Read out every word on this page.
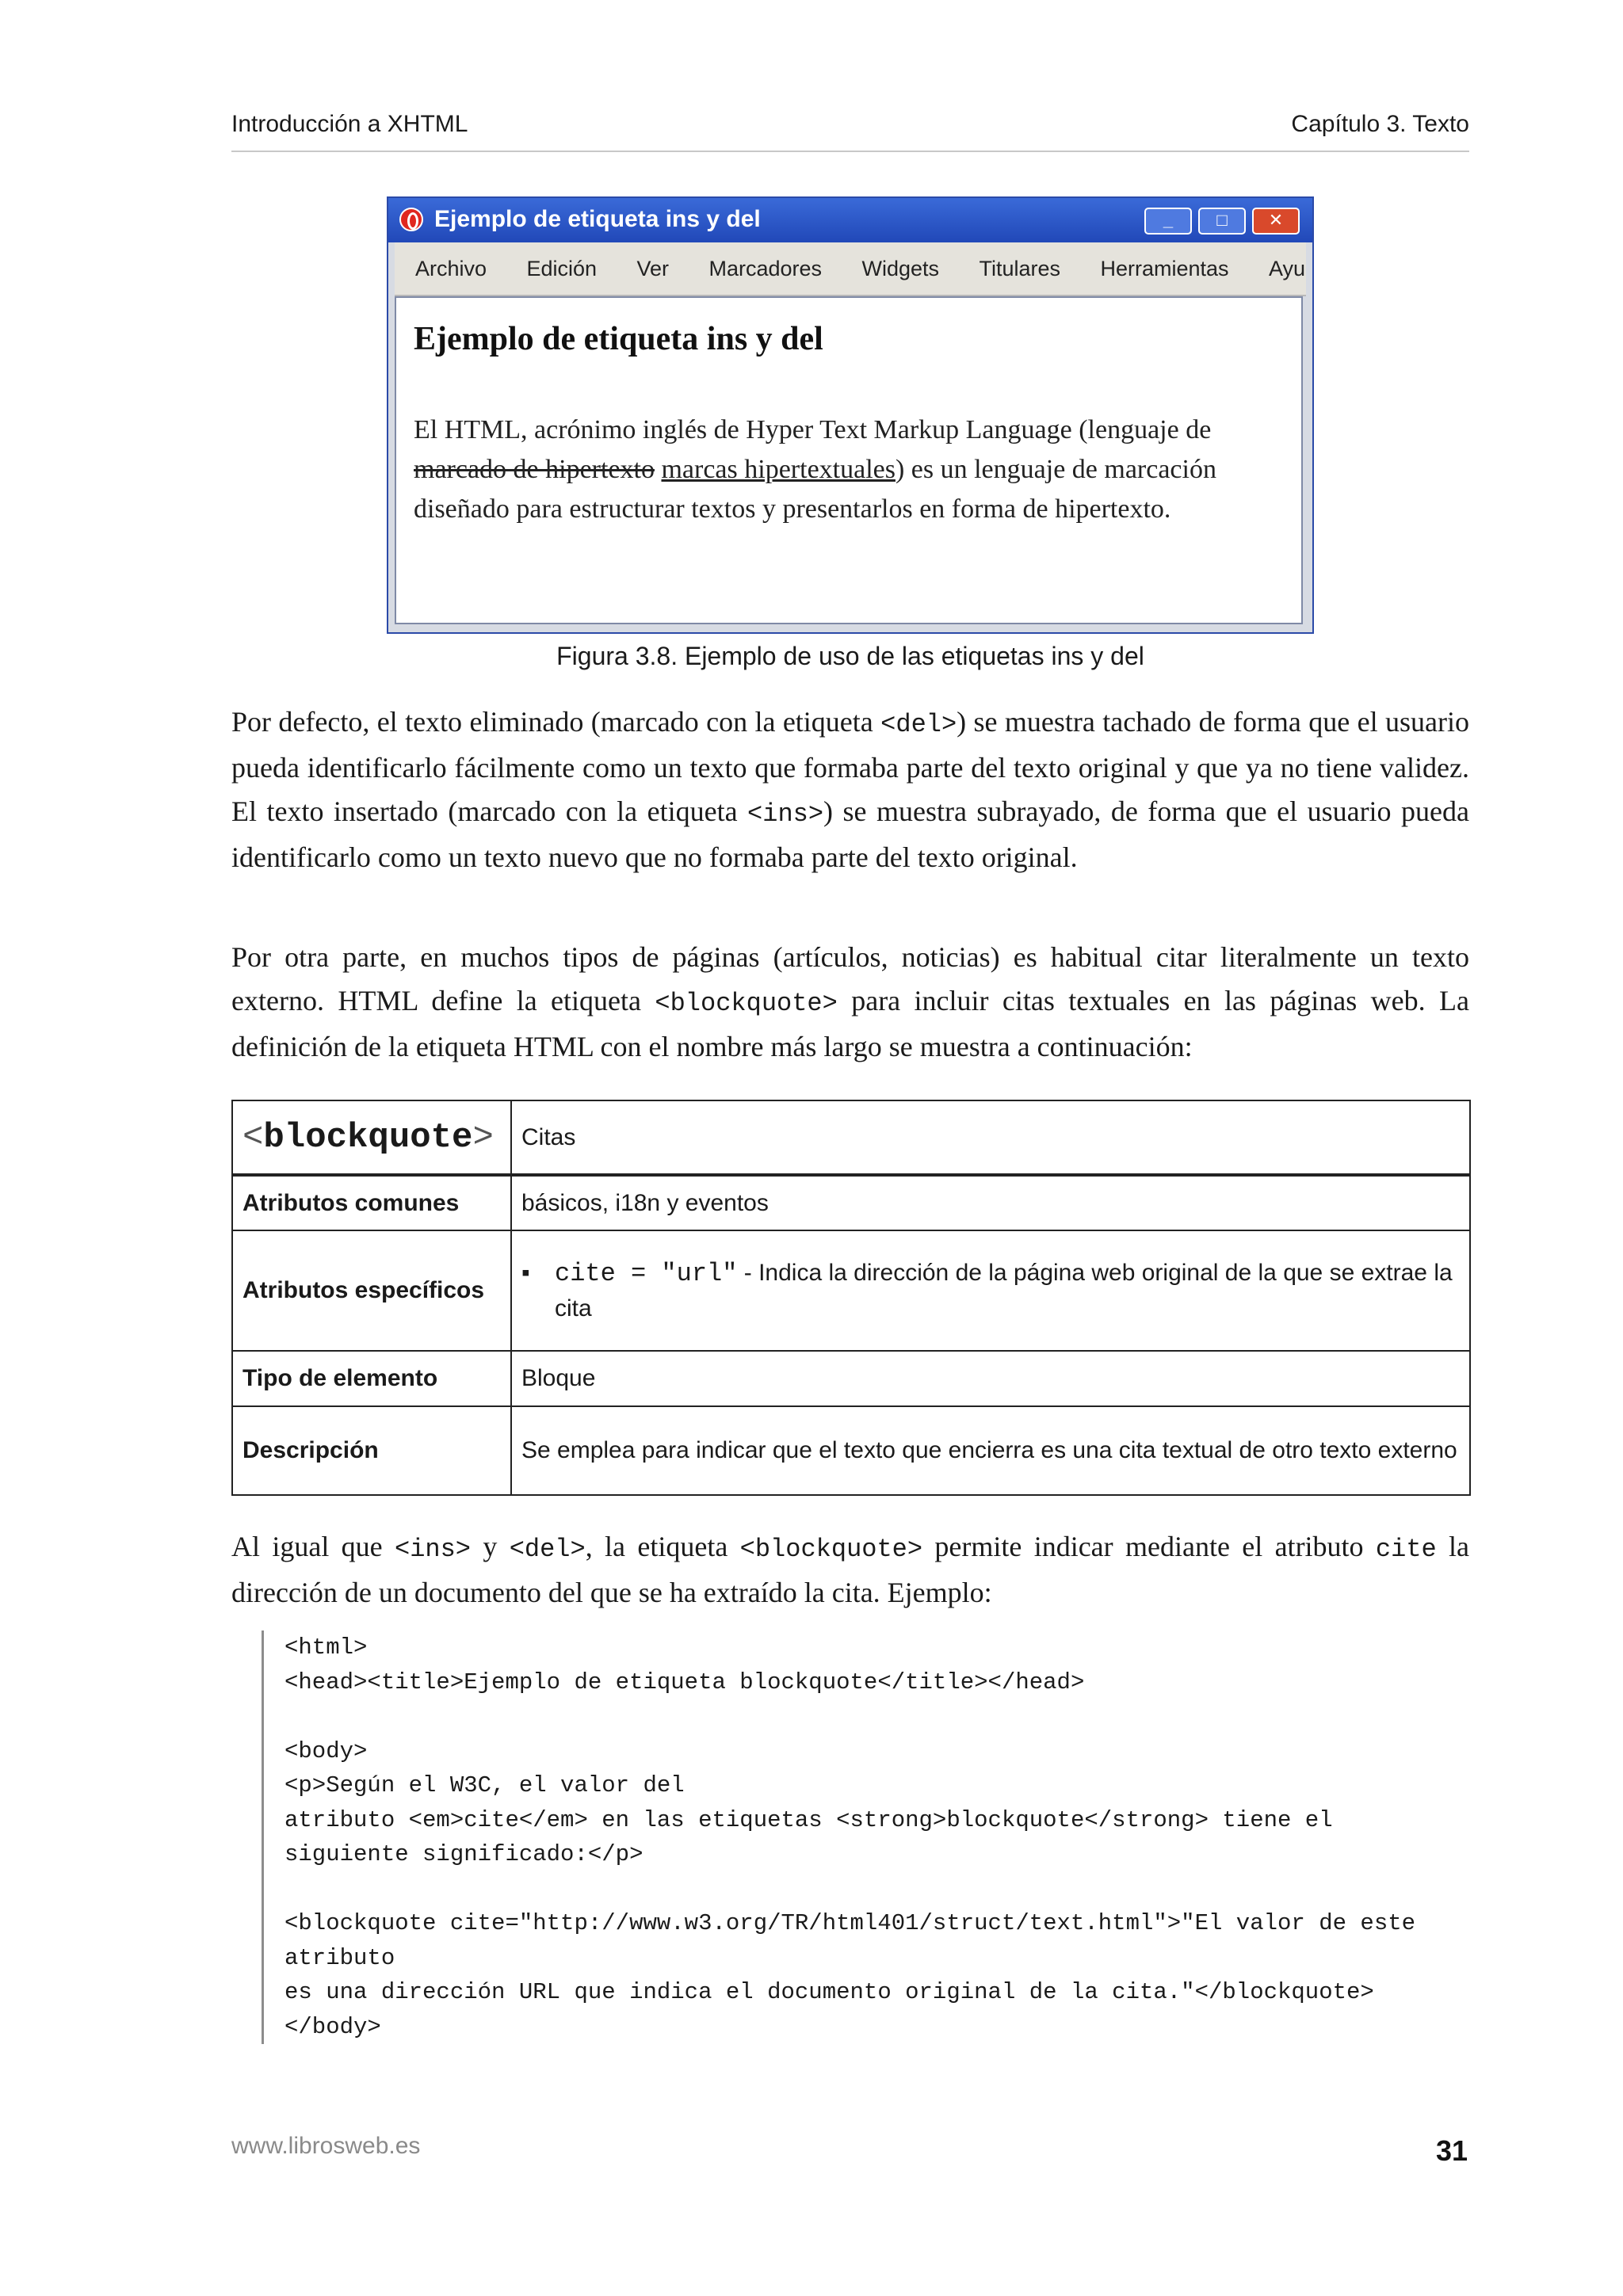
Introducción a XHTML	Capítulo 3. Texto
Ejemplo de etiqueta ins y del	_	□	✕
Archivo Edición Ver Marcadores Widgets Titulares Herramientas Ayu
Ejemplo de etiqueta ins y del

El HTML, acrónimo inglés de Hyper Text Markup Language (lenguaje de marcado de hipertexto marcas hipertextuales) es un lenguaje de marcación diseñado para estructurar textos y presentarlos en forma de hipertexto.

Figura 3.8. Ejemplo de uso de las etiquetas ins y del

Por defecto, el texto eliminado (marcado con la etiqueta <del>) se muestra tachado de forma que el usuario pueda identificarlo fácilmente como un texto que formaba parte del texto original y que ya no tiene validez. El texto insertado (marcado con la etiqueta <ins>) se muestra subrayado, de forma que el usuario pueda identificarlo como un texto nuevo que no formaba parte del texto original.

Por otra parte, en muchos tipos de páginas (artículos, noticias) es habitual citar literalmente un texto externo. HTML define la etiqueta <blockquote> para incluir citas textuales en las páginas web. La definición de la etiqueta HTML con el nombre más largo se muestra a continuación:

<blockquote>	Citas
Atributos comunes	básicos, i18n y eventos
Atributos específicos	▪ cite = "url" - Indica la dirección de la página web original de la que se extrae la cita

Tipo de elemento	Bloque
Descripción	Se emplea para indicar que el texto que encierra es una cita textual de otro texto externo

Al igual que <ins> y <del>, la etiqueta <blockquote> permite indicar mediante el atributo cite la dirección de un documento del que se ha extraído la cita. Ejemplo:

<html>
<head><title>Ejemplo de etiqueta blockquote</title></head>

<body>
<p>Según el W3C, el valor del
atributo <em>cite</em> en las etiquetas <strong>blockquote</strong> tiene el
siguiente significado:</p>

<blockquote cite="http://www.w3.org/TR/html401/struct/text.html">"El valor de este
atributo
es una dirección URL que indica el documento original de la cita."</blockquote>
</body>
www.librosweb.es	31
